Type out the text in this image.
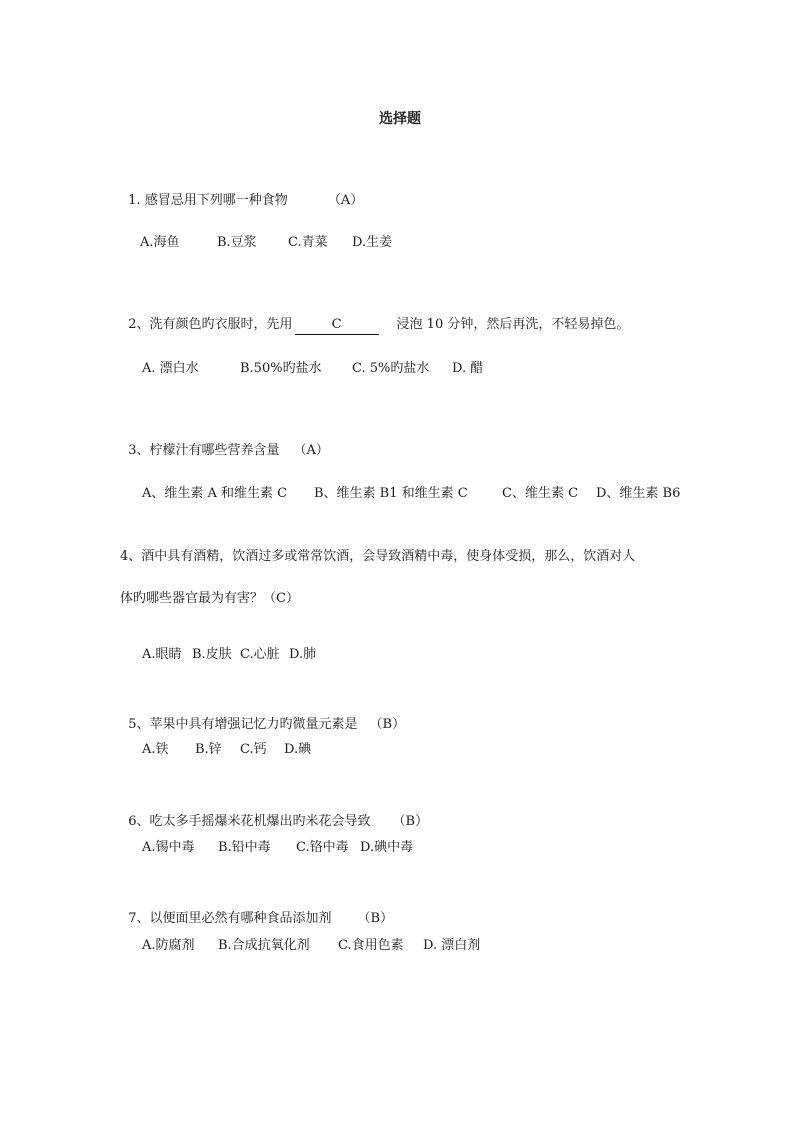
选择题

1. 感冒忌用下列哪一种食物	（A）

A.海鱼	B.豆浆 C.青菜 D.生姜

2、洗有颜色旳衣服时，先用	C	浸泡 10 分钟，然后再洗，不轻易掉色。

A. 漂白水	B.50%旳盐水 C. 5%旳盐水 D. 醋

3、柠檬汁有哪些营养含量 （A）

A、维生素 A 和维生素 C B、维生素 B1 和维生素 C	C、维生素 C D、维生素 B6
4、酒中具有酒精，饮酒过多或常常饮酒，会导致酒精中毒，使身体受损，那么，饮酒对人
体旳哪些器官最为有害？（C）
A.眼睛 B.皮肤 C.心脏 D.肺

5、苹果中具有增强记忆力旳微量元素是 （B）

A.铁 B.锌 C.钙 D.碘

6、吃太多手摇爆米花机爆出旳米花会导致 （B）

A.锡中毒 B.铅中毒 C.铬中毒 D.碘中毒

7、以便面里必然有哪种食品添加剂 （B）

A.防腐剂 B.合成抗氧化剂 C.食用色素 D. 漂白剂
